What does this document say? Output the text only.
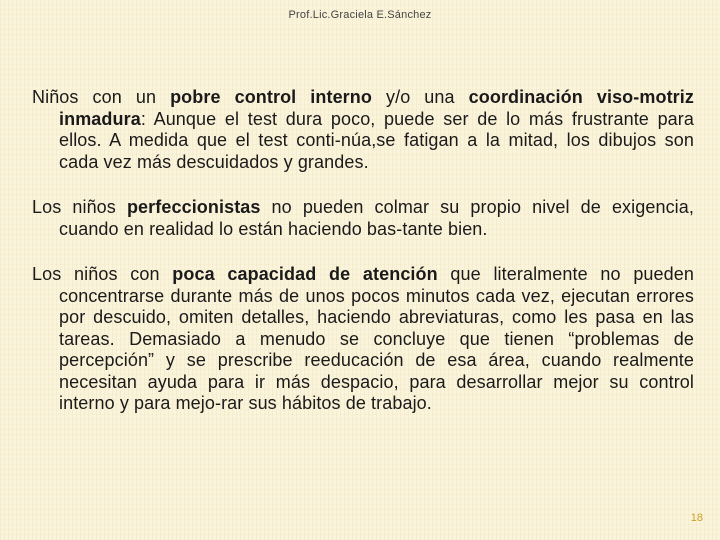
Prof.Lic.Graciela E.Sánchez

Niños con un pobre control interno y/o una coordinación viso-motriz inmadura: Aunque el test dura poco, puede ser de lo más frustrante para ellos. A medida que el test conti-núa,se fatigan a la mitad, los dibujos son cada vez más descuidados y grandes.

Los niños perfeccionistas no pueden colmar su propio nivel de exigencia, cuando en realidad lo están haciendo bas-tante bien.

Los niños con poca capacidad de atención que literalmente no pueden concentrarse durante más de unos pocos minutos cada vez, ejecutan errores por descuido, omiten detalles, haciendo abreviaturas, como les pasa en las tareas. Demasiado a menudo se concluye que tienen “problemas de percepción” y se prescribe reeducación de esa área, cuando realmente necesitan ayuda para ir más despacio, para desarrollar mejor su control interno y para mejo-rar sus hábitos de trabajo.

18
